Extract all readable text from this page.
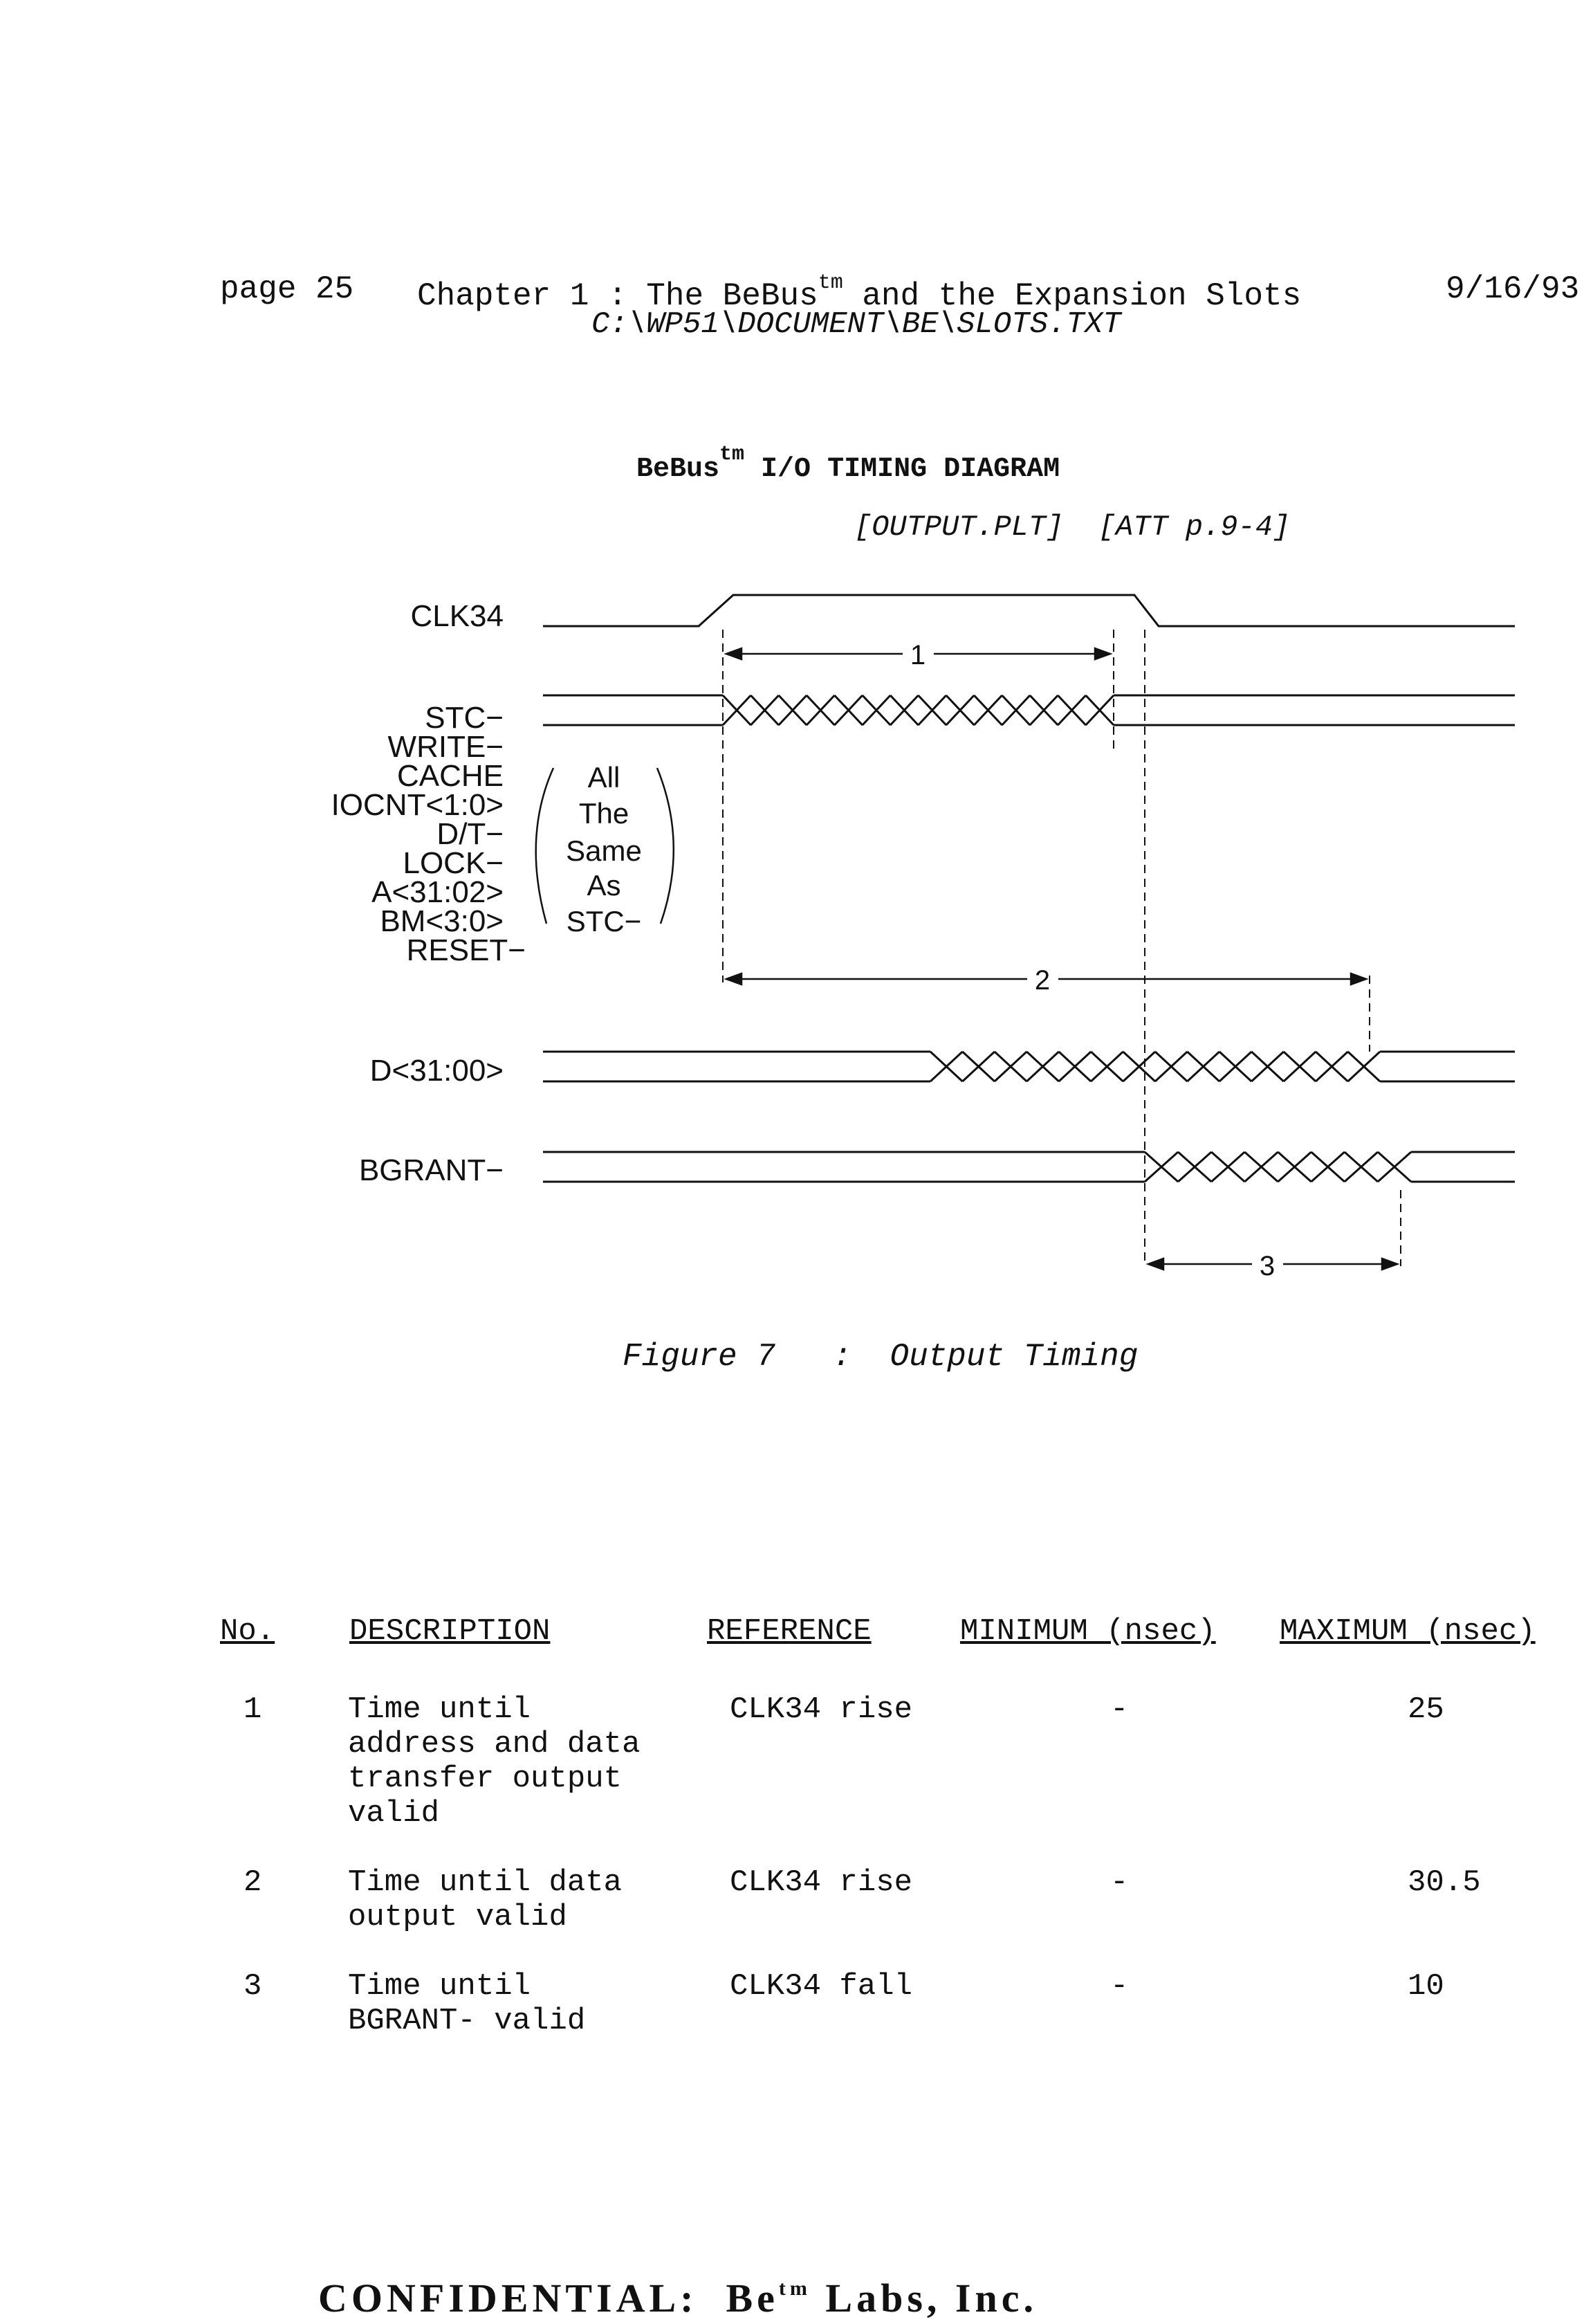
page 25 Chapter 1 : The BeBus$^{tm}$ and the Expansion Slots	9/16/93
C:\WP51\DOCUMENT\BE\SLOTS.TXT
BeBus$^{tm}$ I/O TIMING DIAGRAM
[OUTPUT.PLT]  [ATT p.9-4]
1
2
3
CLK34
STC−
WRITE−
CACHE
IOCNT<1:0>
D/T−
LOCK−
A<31:02>
BM<3:0>
RESET−
D<31:00>
BGRANT−
All
The
Same
As
STC−
Figure 7   :  Output Timing
No. DESCRIPTION	REFERENCE	MINIMUM (nsec) MAXIMUM (nsec)
1	Time until
address and data
transfer output
valid
CLK34 rise	-	25
2	Time until data
output valid
CLK34 rise	-	30.5
3	Time until
BGRANT- valid
CLK34 fall	-	10
CONFIDENTIAL:  $Be^{tm}$ Labs, Inc.
